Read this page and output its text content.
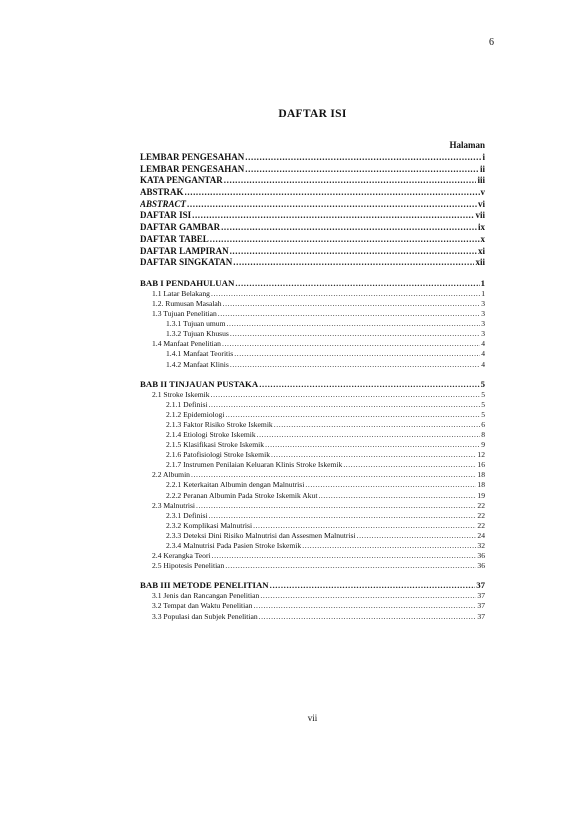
6
DAFTAR ISI
Halaman
LEMBAR PENGESAHAN .....	i
LEMBAR PENGESAHAN .....	ii
KATA PENGANTAR .....	iii
ABSTRAK .....	v
ABSTRACT .....	vi
DAFTAR ISI .....	vii
DAFTAR GAMBAR .....	ix
DAFTAR TABEL .....	x
DAFTAR LAMPIRAN .....	xi
DAFTAR SINGKATAN .....	xii
BAB I PENDAHULUAN .....	1
1.1 Latar Belakang .....	1
1.2. Rumusan Masalah .....	3
1.3 Tujuan Penelitian .....	3
1.3.1 Tujuan umum .....	3
1.3.2 Tujuan Khusus .....	3
1.4 Manfaat Penelitian .....	4
1.4.1 Manfaat Teoritis .....	4
1.4.2 Manfaat Klinis .....	4
BAB II TINJAUAN PUSTAKA .....	5
2.1 Stroke Iskemik .....	5
2.1.1 Definisi .....	5
2.1.2 Epidemiologi .....	5
2.1.3 Faktor Risiko Stroke Iskemik .....	6
2.1.4 Etiologi Stroke Iskemik .....	8
2.1.5 Klasifikasi Stroke Iskemik .....	9
2.1.6 Patofisiologi Stroke Iskemik .....	12
2.1.7 Instrumen Penilaian Keluaran Klinis Stroke Iskemik .....	16
2.2 Albumin .....	18
2.2.1 Keterkaitan Albumin dengan Malnutrisi .....	18
2.2.2 Peranan Albumin Pada Stroke Iskemik Akut .....	19
2.3 Malnutrisi .....	22
2.3.1 Definisi .....	22
2.3.2 Komplikasi Malnutrisi .....	22
2.3.3 Deteksi Dini Risiko Malnutrisi dan Assesmen Malnutrisi .....	24
2.3.4 Malnutrisi Pada Pasien Stroke Iskemik .....	32
2.4 Kerangka Teori .....	36
2.5 Hipotesis Penelitian .....	36
BAB III METODE PENELITIAN .....	37
3.1 Jenis dan Rancangan Penelitian .....	37
3.2 Tempat dan Waktu Penelitian .....	37
3.3 Populasi dan Subjek Penelitian .....	37
vii
